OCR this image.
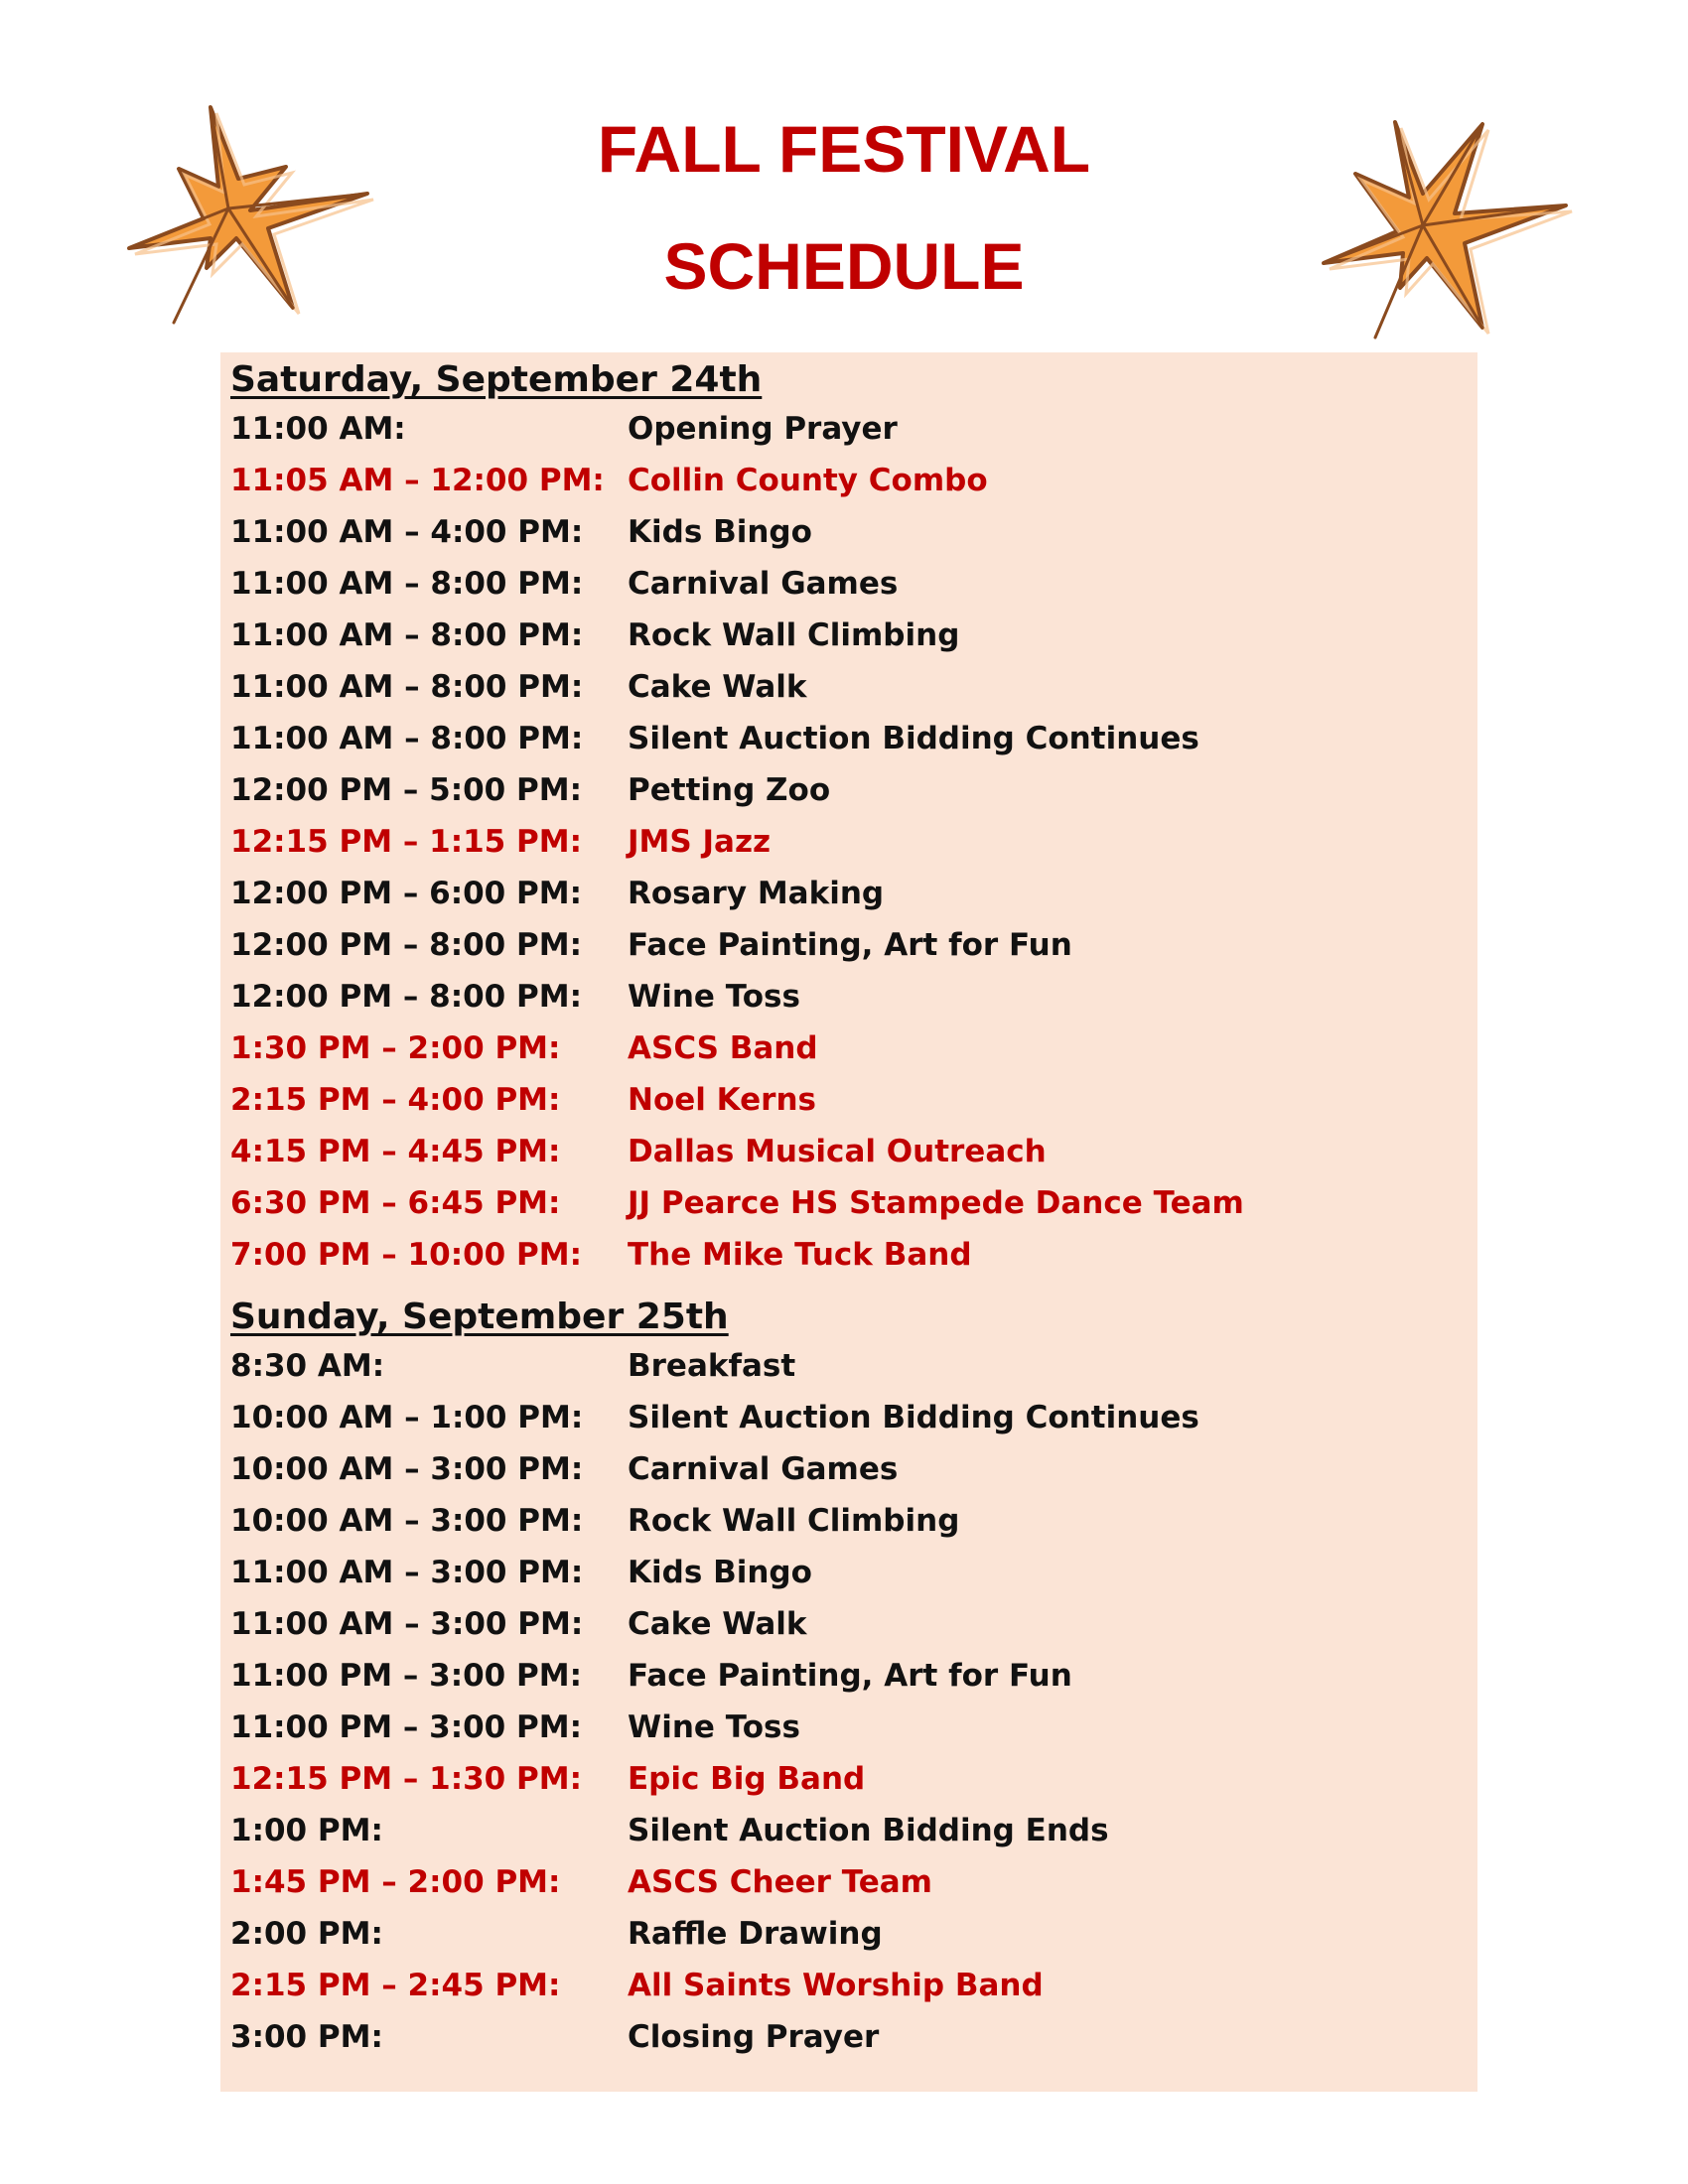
FALL FESTIVAL
SCHEDULE
Saturday, September 24th
Sunday, September 25th
11:00 AM:	Opening Prayer
11:05 AM – 12:00 PM: Collin County Combo
11:00 AM – 4:00 PM: Kids Bingo
11:00 AM – 8:00 PM: Carnival Games
11:00 AM – 8:00 PM: Rock Wall Climbing
11:00 AM – 8:00 PM: Cake Walk
11:00 AM – 8:00 PM: Silent Auction Bidding Continues
12:00 PM – 5:00 PM: Petting Zoo
12:15 PM – 1:15 PM: JMS Jazz
12:00 PM – 6:00 PM: Rosary Making
12:00 PM – 8:00 PM: Face Painting, Art for Fun
12:00 PM – 8:00 PM: Wine Toss
1:30 PM – 2:00 PM: ASCS Band
2:15 PM – 4:00 PM: Noel Kerns
4:15 PM – 4:45 PM: Dallas Musical Outreach
6:30 PM – 6:45 PM: JJ Pearce HS Stampede Dance Team
7:00 PM – 10:00 PM: The Mike Tuck Band
8:30 AM:	Breakfast
10:00 AM – 1:00 PM: Silent Auction Bidding Continues
10:00 AM – 3:00 PM: Carnival Games
10:00 AM – 3:00 PM: Rock Wall Climbing
11:00 AM – 3:00 PM: Kids Bingo
11:00 AM – 3:00 PM: Cake Walk
11:00 PM – 3:00 PM: Face Painting, Art for Fun
11:00 PM – 3:00 PM: Wine Toss
12:15 PM – 1:30 PM: Epic Big Band
1:00 PM:	Silent Auction Bidding Ends
1:45 PM – 2:00 PM: ASCS Cheer Team
2:00 PM:	Raffle Drawing
2:15 PM – 2:45 PM: All Saints Worship Band
3:00 PM:	Closing Prayer
